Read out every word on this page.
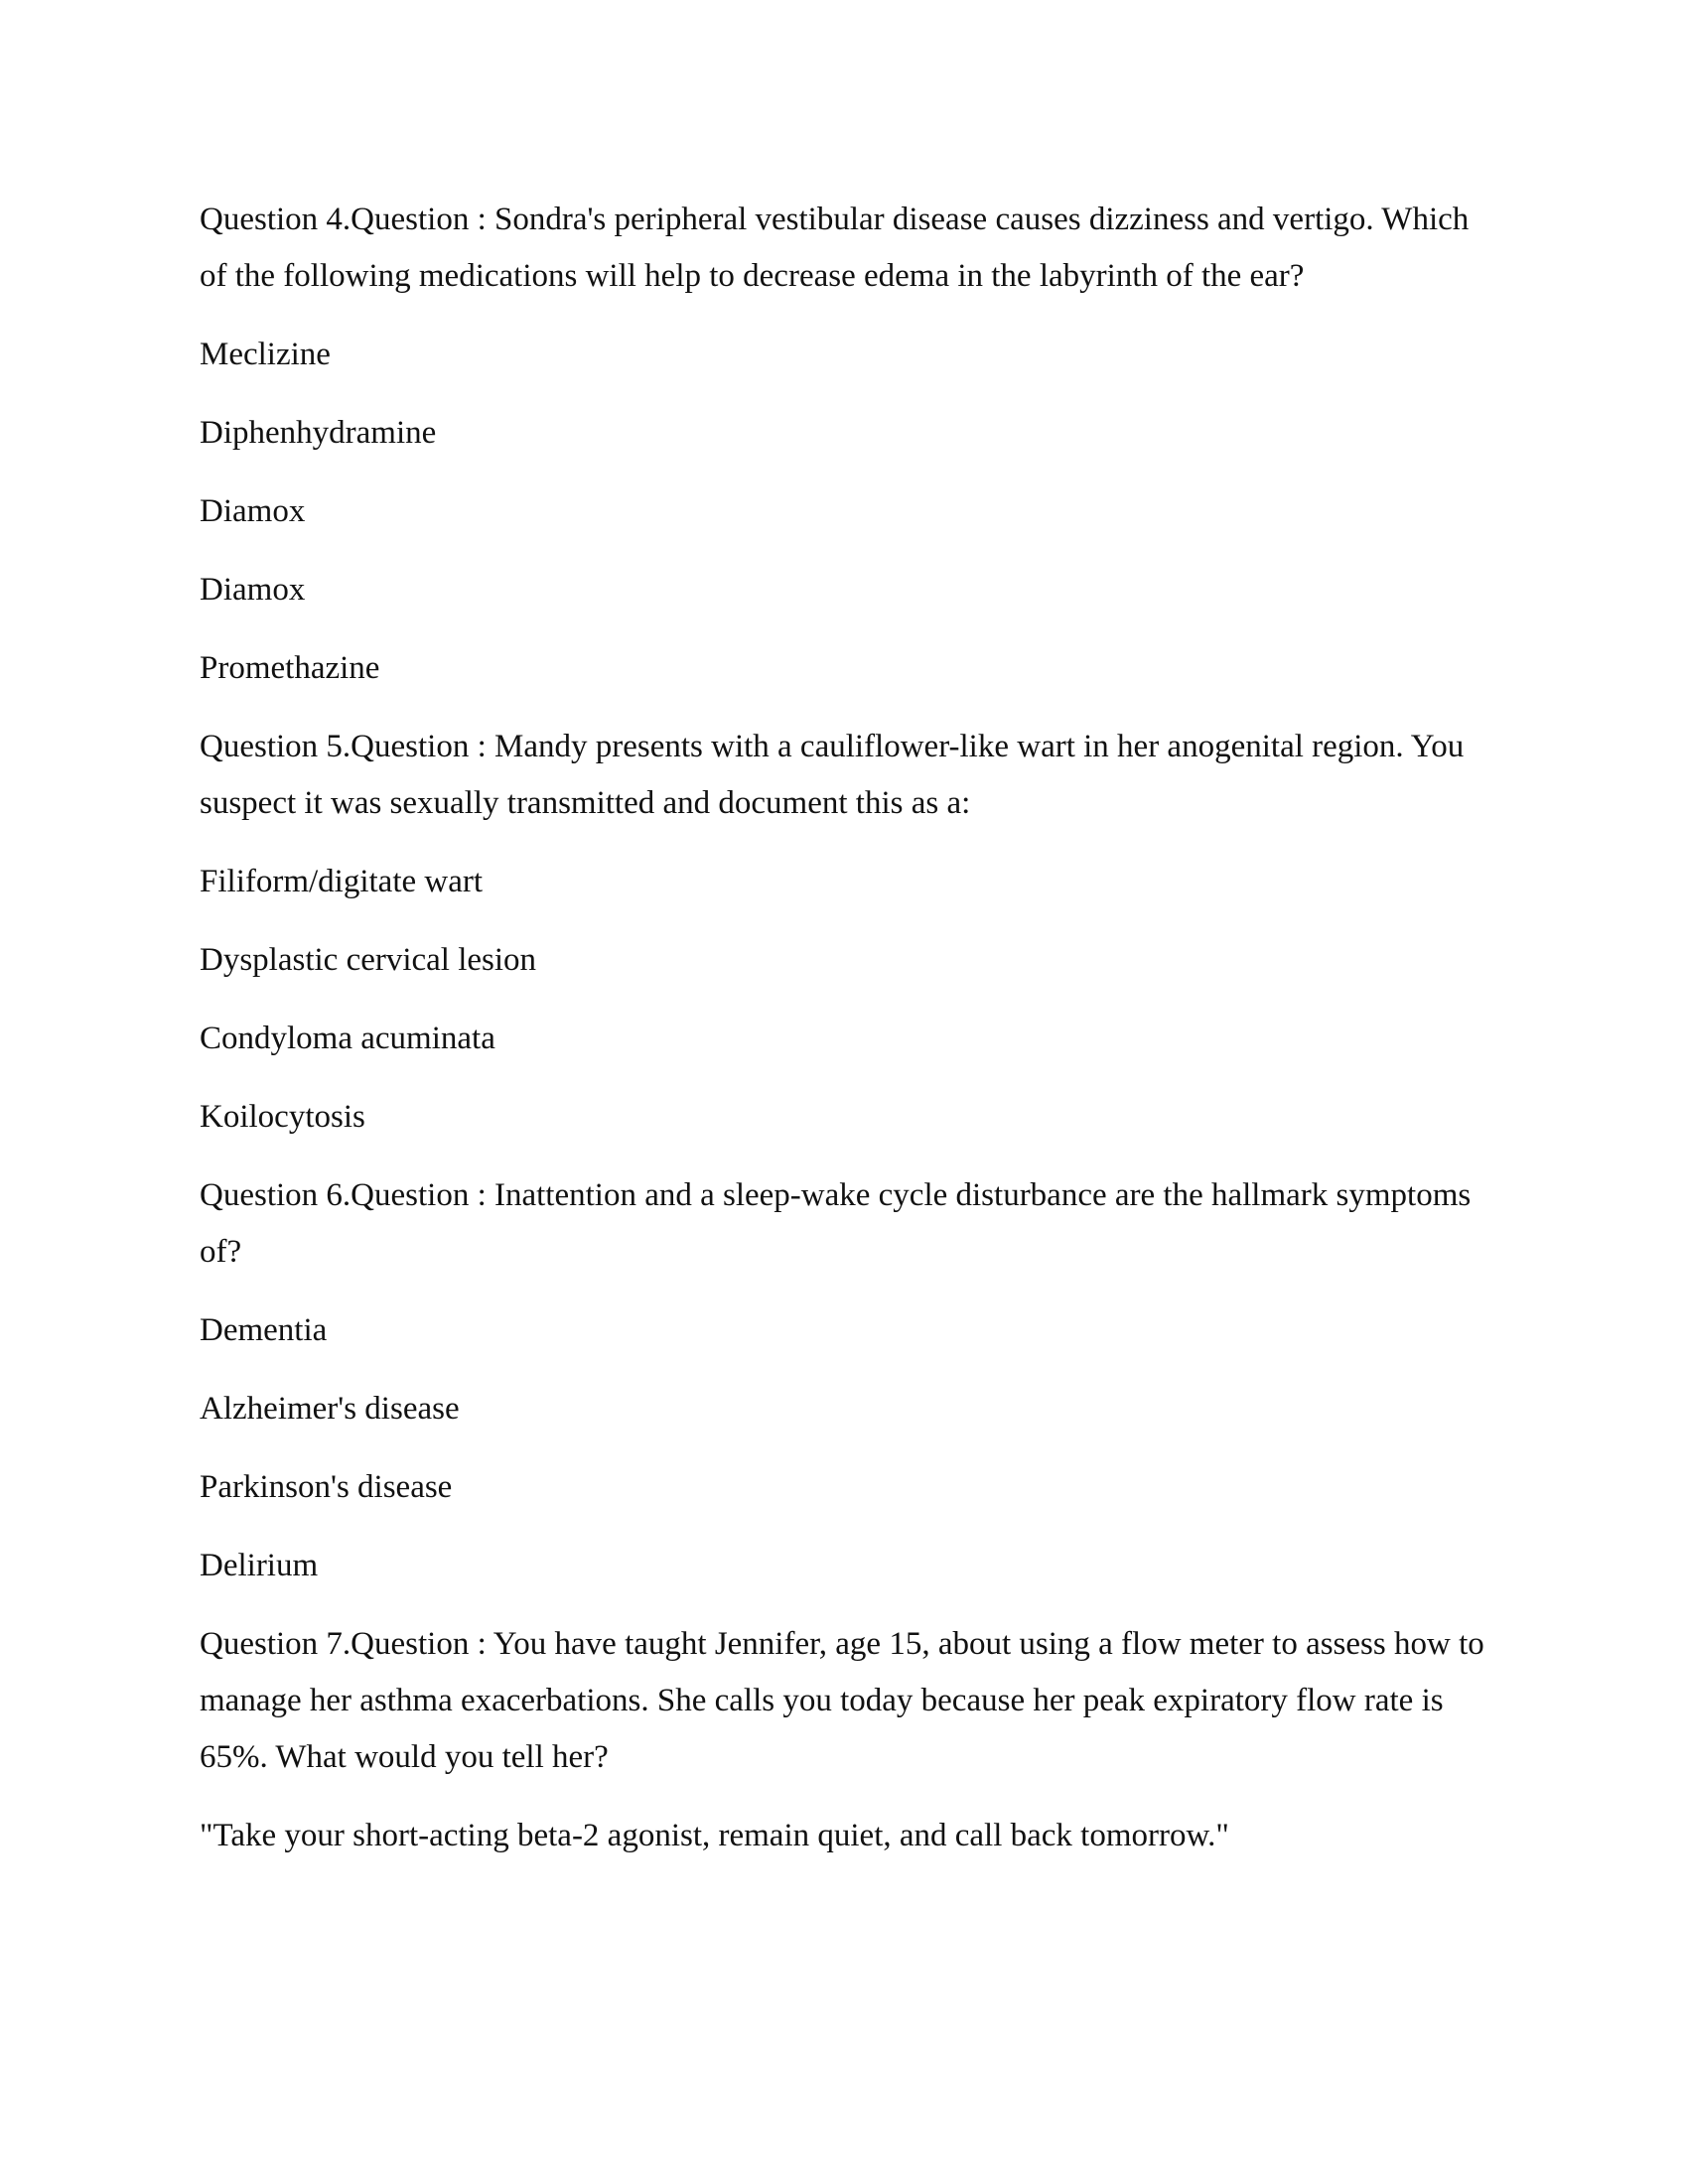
Question 4.Question : Sondra's peripheral vestibular disease causes dizziness and vertigo. Which of the following medications will help to decrease edema in the labyrinth of the ear?

Meclizine

Diphenhydramine

Diamox

Diamox

Promethazine

Question 5.Question : Mandy presents with a cauliflower-like wart in her anogenital region. You suspect it was sexually transmitted and document this as a:

Filiform/digitate wart

Dysplastic cervical lesion

Condyloma acuminata

Koilocytosis

Question 6.Question : Inattention and a sleep-wake cycle disturbance are the hallmark symptoms of?

Dementia

Alzheimer's disease

Parkinson's disease

Delirium

Question 7.Question : You have taught Jennifer, age 15, about using a flow meter to assess how to manage her asthma exacerbations. She calls you today because her peak expiratory flow rate is 65%. What would you tell her?

"Take your short-acting beta-2 agonist, remain quiet, and call back tomorrow."
